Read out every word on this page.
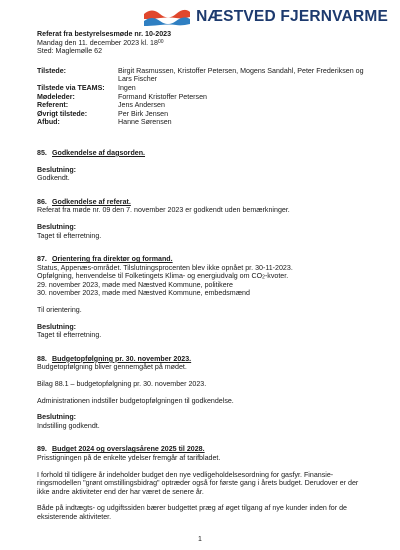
NÆSTVED FJERNVARME
Referat fra bestyrelsesmøde nr. 10-2023
Mandag den 11. december 2023 kl. $18^{00}$
Sted: Maglemølle 62
Tilstede:	Birgit Rasmussen, Kristoffer Petersen, Mogens Sandahl, Peter Frederiksen og Lars Fischer
Tilstede via TEAMS:	Ingen
Mødeleder:	Formand Kristoffer Petersen
Referent:	Jens Andersen
Øvrigt tilstede:	Per Birk Jensen
Afbud:	Hanne Sørensen
85. Godkendelse af dagsorden.
Beslutning:
Godkendt.
86. Godkendelse af referat.
Referat fra møde nr. 09 den 7. november 2023 er godkendt uden bemærkninger.
Beslutning:
Taget til efterretning.
87. Orientering fra direktør og formand.
Status, Appenæs-området. Tilslutningsprocenten blev ikke opnået pr. 30-11-2023.
Opfølgning, henvendelse til Folketingets Klima- og energiudvalg om CO2-kvoter.
29. november 2023, møde med Næstved Kommune, politikere
30. november 2023, møde med Næstved Kommune, embedsmænd
Til orientering.
Beslutning:
Taget til efterretning.
88. Budgetopfølgning pr. 30. november 2023.
Budgetopfølgning bliver gennemgået på mødet.
Bilag 88.1 – budgetopfølgning pr. 30. november 2023.
Administrationen indstiller budgetopfølgningen til godkendelse.
Beslutning:
Indstilling godkendt.
89. Budget 2024 og overslagsårene 2025 til 2028.
Prisstigningen på de enkelte ydelser fremgår af tarifbladet.
I forhold til tidligere år indeholder budget den nye vedligeholdelsesordning for gasfyr. Finansie-ringsmodellen "grønt omstillingsbidrag" optræder også for første gang i årets budget. Derudover er der ikke andre aktiviteter end der har været de senere år.
Både på indtægts- og udgiftssiden bærer budgettet præg af øget tilgang af nye kunder inden for de eksisterende aktiviteter.
1
